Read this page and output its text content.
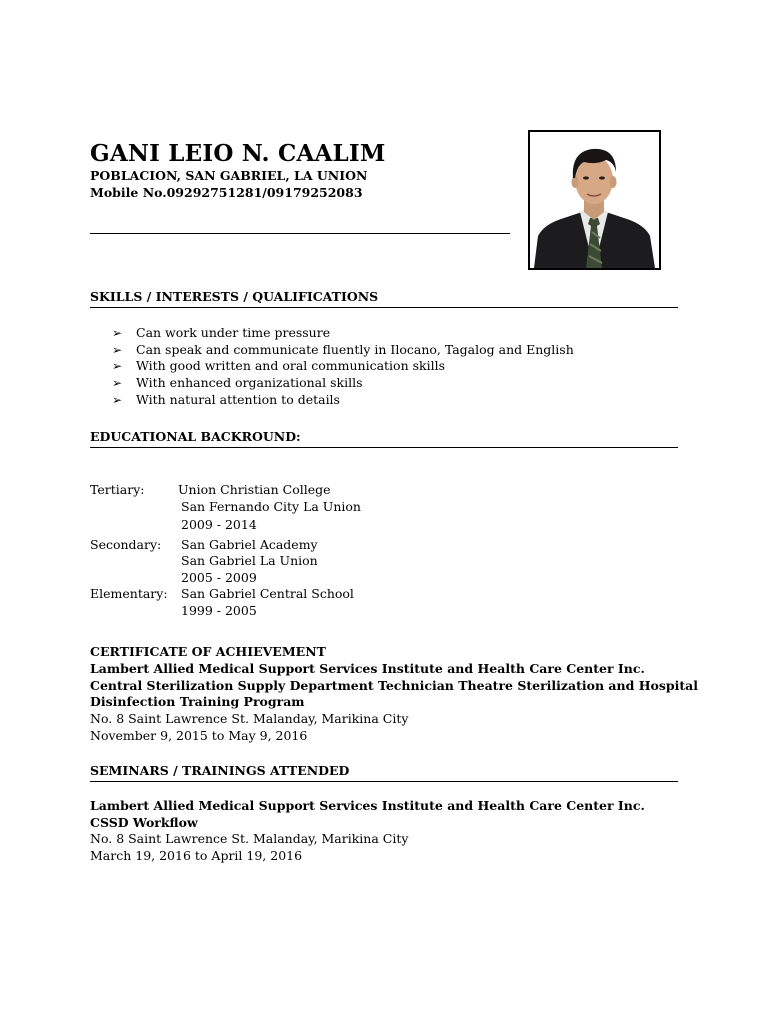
GANI LEIO N. CAALIM
POBLACION, SAN GABRIEL, LA UNION
Mobile No.09292751281/09179252083
SKILLS / INTERESTS / QUALIFICATIONS
➢ Can work under time pressure
➢ Can speak and communicate fluently in Ilocano, Tagalog and English
➢ With good written and oral communication skills
➢ With enhanced organizational skills
➢ With natural attention to details
EDUCATIONAL BACKROUND:
Tertiary:	Union Christian College
San Fernando City La Union
2009 - 2014
Secondary: San Gabriel Academy
San Gabriel La Union
2005 - 2009
Elementary: San Gabriel Central School
1999 - 2005
CERTIFICATE OF ACHIEVEMENT
Lambert Allied Medical Support Services Institute and Health Care Center Inc.
Central Sterilization Supply Department Technician Theatre Sterilization and Hospital
Disinfection Training Program
No. 8 Saint Lawrence St. Malanday, Marikina City
November 9, 2015 to May 9, 2016
SEMINARS / TRAININGS ATTENDED
Lambert Allied Medical Support Services Institute and Health Care Center Inc.
CSSD Workflow
No. 8 Saint Lawrence St. Malanday, Marikina City
March 19, 2016 to April 19, 2016
